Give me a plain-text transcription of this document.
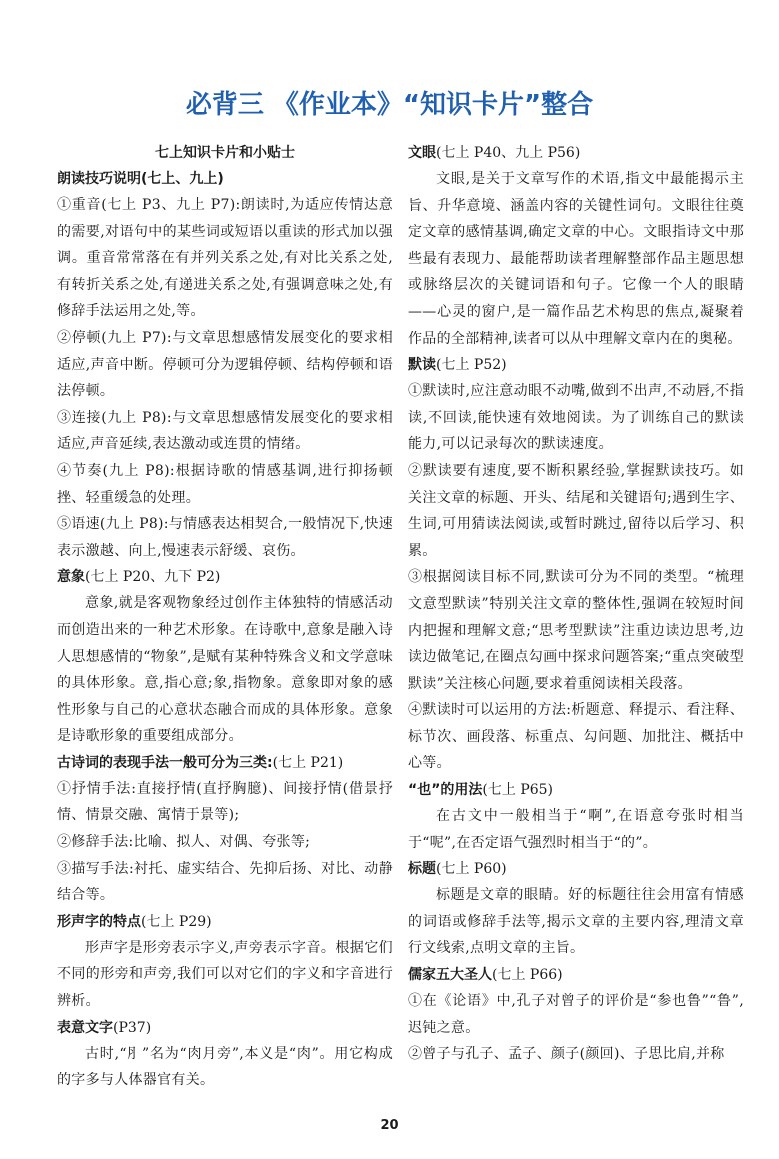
必背三 《作业本》“知识卡片”整合
七上知识卡片和小贴士

朗读技巧说明(七上、九上)

①重音(七上 P3、九上 P7):朗读时,为适应传情达意的需要,对语句中的某些词或短语以重读的形式加以强调。重音常常落在有并列关系之处,有对比关系之处,有转折关系之处,有递进关系之处,有强调意味之处,有修辞手法运用之处,等。

②停顿(九上 P7):与文章思想感情发展变化的要求相适应,声音中断。停顿可分为逻辑停顿、结构停顿和语法停顿。

③连接(九上 P8):与文章思想感情发展变化的要求相适应,声音延续,表达激动或连贯的情绪。

④节奏(九上 P8):根据诗歌的情感基调,进行抑扬顿挫、轻重缓急的处理。

⑤语速(九上 P8):与情感表达相契合,一般情况下,快速表示激越、向上,慢速表示舒缓、哀伤。

意象(七上 P20、九下 P2)

意象,就是客观物象经过创作主体独特的情感活动而创造出来的一种艺术形象。在诗歌中,意象是融入诗人思想感情的“物象”,是赋有某种特殊含义和文学意味的具体形象。意,指心意;象,指物象。意象即对象的感性形象与自己的心意状态融合而成的具体形象。意象是诗歌形象的重要组成部分。

古诗词的表现手法一般可分为三类:(七上 P21)

①抒情手法:直接抒情(直抒胸臆)、间接抒情(借景抒情、情景交融、寓情于景等);

②修辞手法:比喻、拟人、对偶、夸张等;

③描写手法:衬托、虚实结合、先抑后扬、对比、动静结合等。

形声字的特点(七上 P29)

形声字是形旁表示字义,声旁表示字音。根据它们不同的形旁和声旁,我们可以对它们的字义和字音进行辨析。

表意文字(P37)

古时,“⺼”名为“肉月旁”,本义是“肉”。用它构成的字多与人体器官有关。

文眼(七上 P40、九上 P56)

文眼,是关于文章写作的术语,指文中最能揭示主旨、升华意境、涵盖内容的关键性词句。文眼往往奠定文章的感情基调,确定文章的中心。文眼指诗文中那些最有表现力、最能帮助读者理解整部作品主题思想或脉络层次的关键词语和句子。它像一个人的眼睛——心灵的窗户,是一篇作品艺术构思的焦点,凝聚着作品的全部精神,读者可以从中理解文章内在的奥秘。

默读(七上 P52)

①默读时,应注意动眼不动嘴,做到不出声,不动唇,不指读,不回读,能快速有效地阅读。为了训练自己的默读能力,可以记录每次的默读速度。

②默读要有速度,要不断积累经验,掌握默读技巧。如关注文章的标题、开头、结尾和关键语句;遇到生字、生词,可用猜读法阅读,或暂时跳过,留待以后学习、积累。

③根据阅读目标不同,默读可分为不同的类型。“梳理文意型默读”特别关注文章的整体性,强调在较短时间内把握和理解文意;“思考型默读”注重边读边思考,边读边做笔记,在圈点勾画中探求问题答案;“重点突破型默读”关注核心问题,要求着重阅读相关段落。

④默读时可以运用的方法:析题意、释提示、看注释、标节次、画段落、标重点、勾问题、加批注、概括中心等。

“也”的用法(七上 P65)

在古文中一般相当于“啊”,在语意夸张时相当于“呢”,在否定语气强烈时相当于“的”。

标题(七上 P60)

标题是文章的眼睛。好的标题往往会用富有情感的词语或修辞手法等,揭示文章的主要内容,理清文章行文线索,点明文章的主旨。

儒家五大圣人(七上 P66)

①在《论语》中,孔子对曾子的评价是“参也鲁”“鲁”,迟钝之意。

②曾子与孔子、孟子、颜子(颜回)、子思比肩,并称

20
